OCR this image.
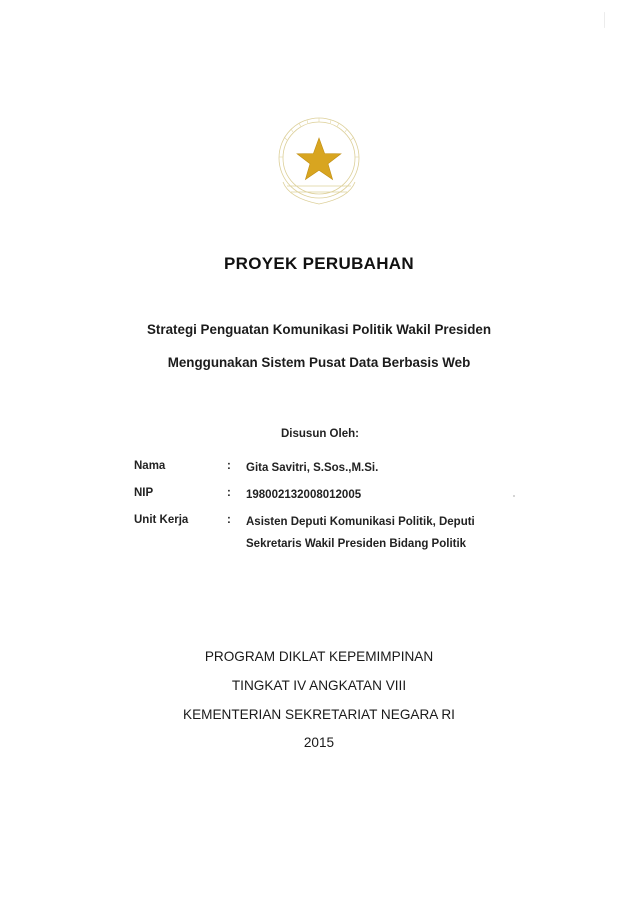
PROYEK PERUBAHAN
Strategi Penguatan Komunikasi Politik Wakil Presiden
Menggunakan Sistem Pusat Data Berbasis Web
Disusun Oleh:
Nama	: Gita Savitri, S.Sos.,M.Si.
NIP	: 198002132008012005
Unit Kerja	: Asisten Deputi Komunikasi Politik, Deputi
Sekretaris Wakil Presiden Bidang Politik
PROGRAM DIKLAT KEPEMIMPINAN
TINGKAT IV ANGKATAN VIII
KEMENTERIAN SEKRETARIAT NEGARA RI
2015
